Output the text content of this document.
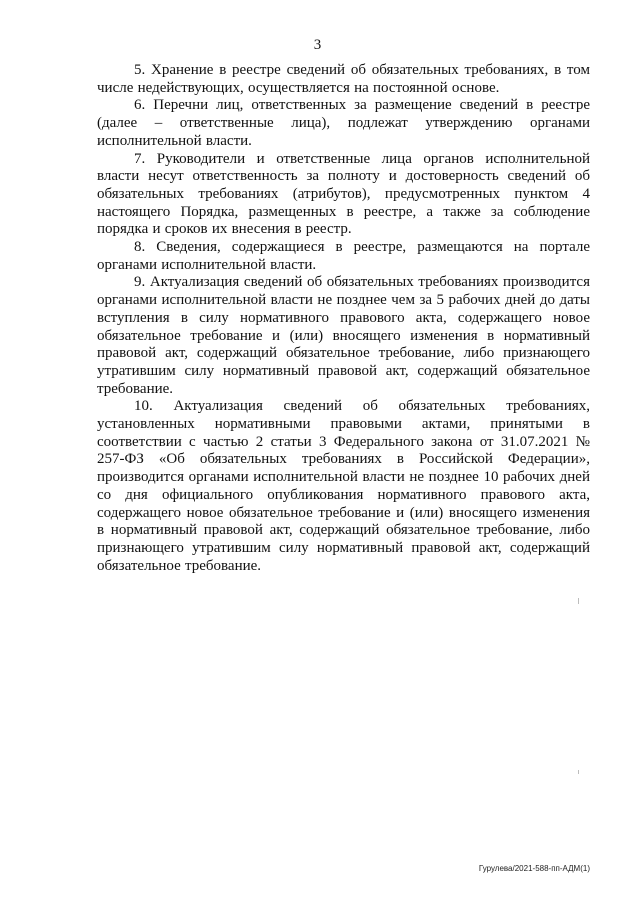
3

5. Хранение в реестре сведений об обязательных требованиях, в том числе недействующих, осуществляется на постоянной основе.

6. Перечни лиц, ответственных за размещение сведений в реестре (далее – ответственные лица), подлежат утверждению органами исполнительной власти.

7. Руководители и ответственные лица органов исполнительной власти несут ответственность за полноту и достоверность сведений об обязательных требованиях (атрибутов), предусмотренных пунктом 4 настоящего Порядка, размещенных в реестре, а также за соблюдение порядка и сроков их внесения в реестр.

8. Сведения, содержащиеся в реестре, размещаются на портале органами исполнительной власти.

9. Актуализация сведений об обязательных требованиях производится органами исполнительной власти не позднее чем за 5 рабочих дней до даты вступления в силу нормативного правового акта, содержащего новое обязательное требование и (или) вносящего изменения в нормативный правовой акт, содержащий обязательное требование, либо признающего утратившим силу нормативный правовой акт, содержащий обязательное требование.

10. Актуализация сведений об обязательных требованиях, установленных нормативными правовыми актами, принятыми в соответствии с частью 2 статьи 3 Федерального закона от 31.07.2021 № 257-ФЗ «Об обязательных требованиях в Российской Федерации», производится органами исполнительной власти не позднее 10 рабочих дней со дня официального опубликования нормативного правового акта, содержащего новое обязательное требование и (или) вносящего изменения в нормативный правовой акт, содержащий обязательное требование, либо признающего утратившим силу нормативный правовой акт, содержащий обязательное требование.

Гурулева/2021-588-пп-АДМ(1)
